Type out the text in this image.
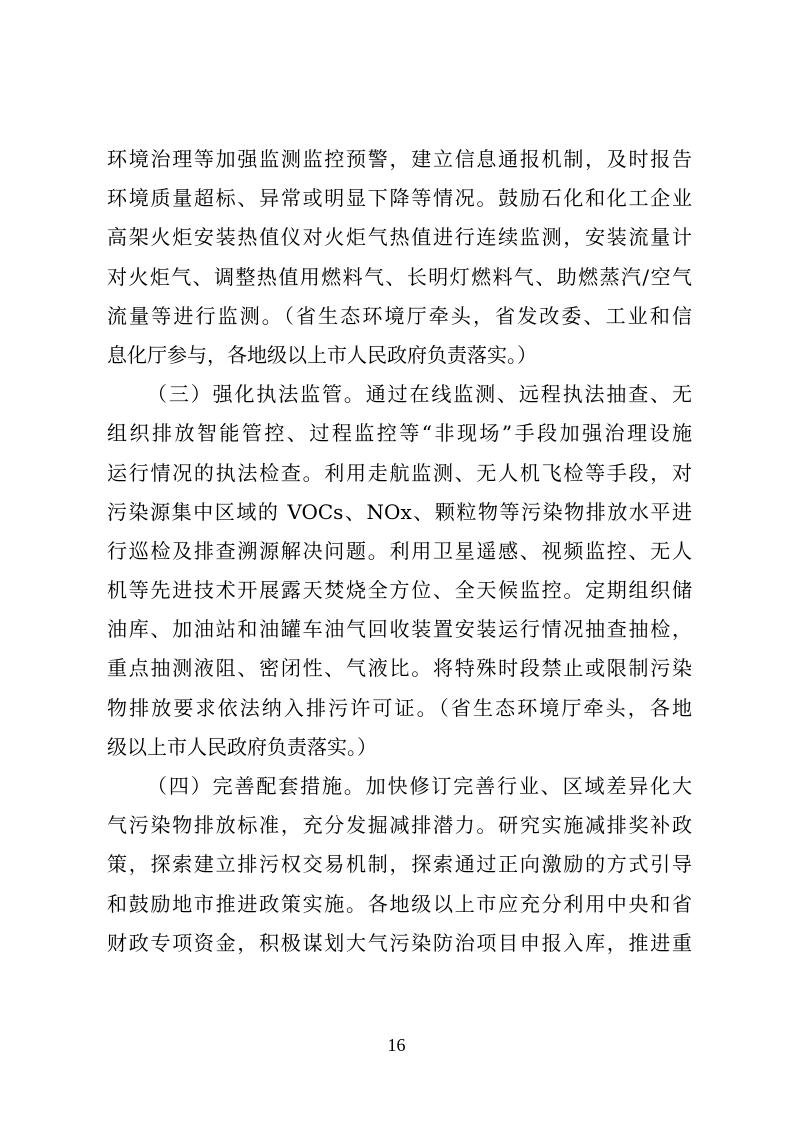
环境治理等加强监测监控预警，建立信息通报机制，及时报告
环境质量超标、异常或明显下降等情况。鼓励石化和化工企业
高架火炬安装热值仪对火炬气热值进行连续监测，安装流量计
对火炬气、调整热值用燃料气、长明灯燃料气、助燃蒸汽/空气
流量等进行监测。（省生态环境厅牵头，省发改委、工业和信
息化厅参与，各地级以上市人民政府负责落实。）
（三）强化执法监管。通过在线监测、远程执法抽查、无
组织排放智能管控、过程监控等“非现场”手段加强治理设施
运行情况的执法检查。利用走航监测、无人机飞检等手段，对
污染源集中区域的 VOCs、NOx、颗粒物等污染物排放水平进
行巡检及排查溯源解决问题。利用卫星遥感、视频监控、无人
机等先进技术开展露天焚烧全方位、全天候监控。定期组织储
油库、加油站和油罐车油气回收装置安装运行情况抽查抽检，
重点抽测液阻、密闭性、气液比。将特殊时段禁止或限制污染
物排放要求依法纳入排污许可证。（省生态环境厅牵头，各地
级以上市人民政府负责落实。）
（四）完善配套措施。加快修订完善行业、区域差异化大
气污染物排放标准，充分发掘减排潜力。研究实施减排奖补政
策，探索建立排污权交易机制，探索通过正向激励的方式引导
和鼓励地市推进政策实施。各地级以上市应充分利用中央和省
财政专项资金，积极谋划大气污染防治项目申报入库，推进重
16
